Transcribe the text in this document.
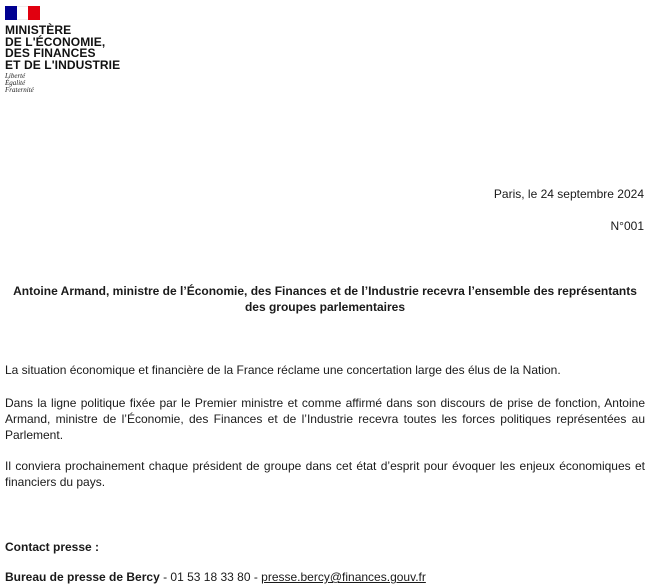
MINISTÈRE
DE L'ÉCONOMIE,
DES FINANCES
ET DE L'INDUSTRIE
Liberté
Égalité
Fraternité
Paris, le 24 septembre 2024
N°001
Antoine Armand, ministre de l’Économie, des Finances et de l’Industrie recevra l’ensemble des représentants des groupes parlementaires
La situation économique et financière de la France réclame une concertation large des élus de la Nation.
Dans la ligne politique fixée par le Premier ministre et comme affirmé dans son discours de prise de fonction, Antoine Armand, ministre de l’Économie, des Finances et de l’Industrie recevra toutes les forces politiques représentées au Parlement.
Il conviera prochainement chaque président de groupe dans cet état d’esprit pour évoquer les enjeux économiques et financiers du pays.
Contact presse :
Bureau de presse de Bercy - 01 53 18 33 80 - presse.bercy@finances.gouv.fr
